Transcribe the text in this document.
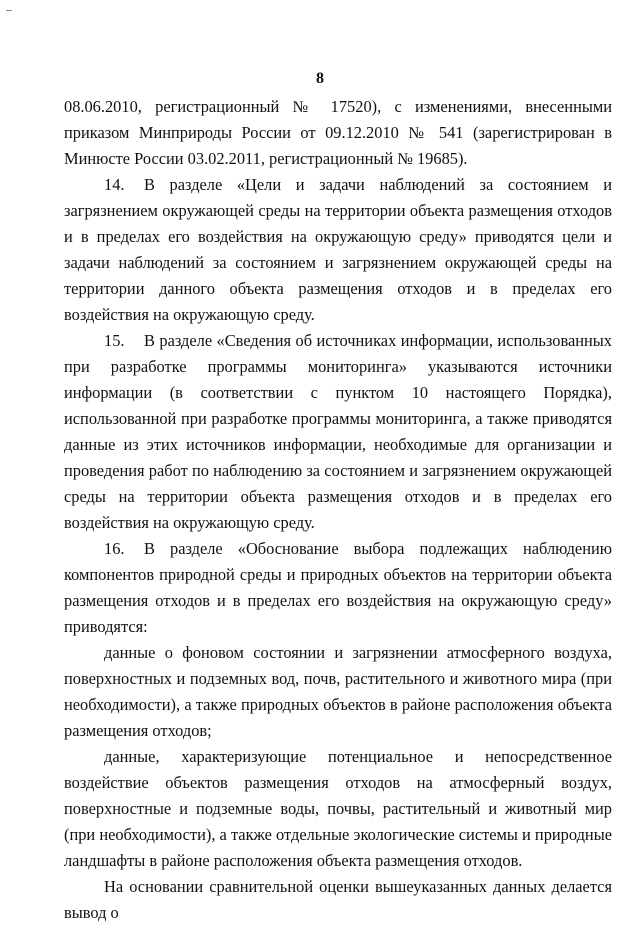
8

08.06.2010, регистрационный № 17520), с изменениями, внесенными приказом Минприроды России от 09.12.2010 № 541 (зарегистрирован в Минюсте России 03.02.2011, регистрационный № 19685).

14. В разделе «Цели и задачи наблюдений за состоянием и загрязнением окружающей среды на территории объекта размещения отходов и в пределах его воздействия на окружающую среду» приводятся цели и задачи наблюдений за состоянием и загрязнением окружающей среды на территории данного объекта размещения отходов и в пределах его воздействия на окружающую среду.

15. В разделе «Сведения об источниках информации, использованных при разработке программы мониторинга» указываются источники информации (в соответствии с пунктом 10 настоящего Порядка), использованной при разработке программы мониторинга, а также приводятся данные из этих источников информации, необходимые для организации и проведения работ по наблюдению за состоянием и загрязнением окружающей среды на территории объекта размещения отходов и в пределах его воздействия на окружающую среду.

16. В разделе «Обоснование выбора подлежащих наблюдению компонентов природной среды и природных объектов на территории объекта размещения отходов и в пределах его воздействия на окружающую среду» приводятся:

данные о фоновом состоянии и загрязнении атмосферного воздуха, поверхностных и подземных вод, почв, растительного и животного мира (при необходимости), а также природных объектов в районе расположения объекта размещения отходов;

данные, характеризующие потенциальное и непосредственное воздействие объектов размещения отходов на атмосферный воздух, поверхностные и подземные воды, почвы, растительный и животный мир (при необходимости), а также отдельные экологические системы и природные ландшафты в районе расположения объекта размещения отходов.

На основании сравнительной оценки вышеуказанных данных делается вывод о
